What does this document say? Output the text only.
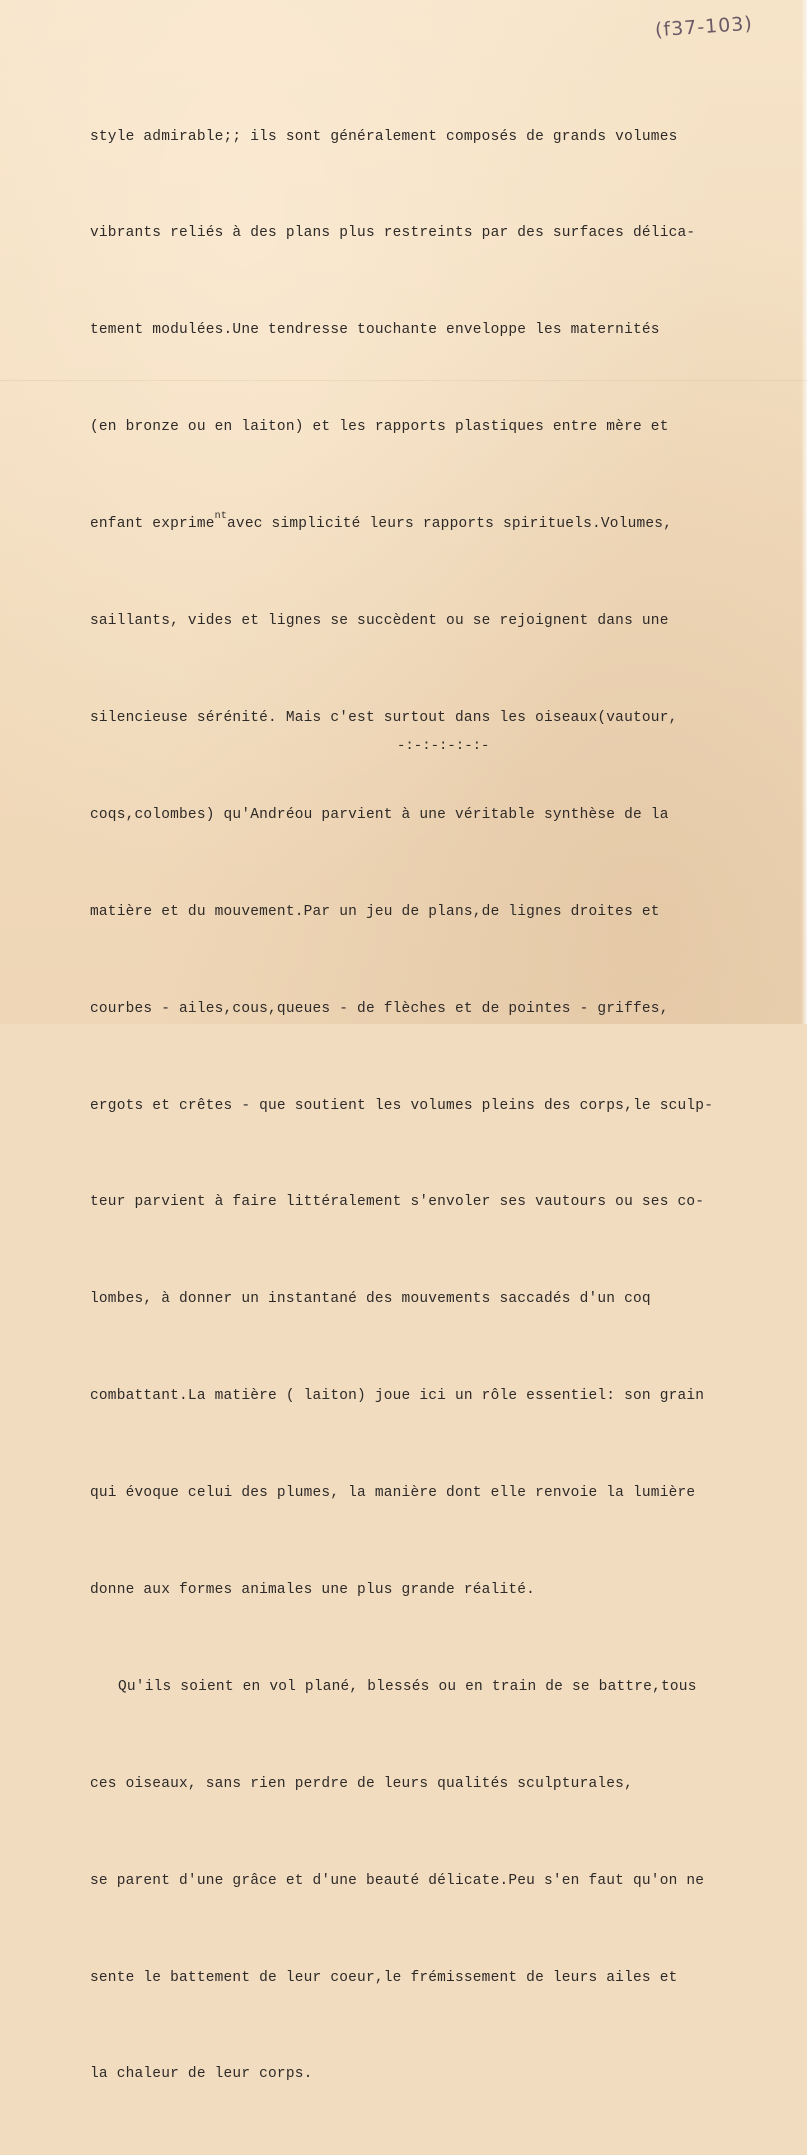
(f37-103)

style admirable;; ils sont généralement composés de grands volumes

vibrants reliés à des plans plus restreints par des surfaces délica-

tement modulées.Une tendresse touchante enveloppe les maternités

(en bronze ou en laiton) et les rapports plastiques entre mère et

enfant exprime$^{nt}$avec simplicité leurs rapports spirituels.Volumes,

saillants, vides et lignes se succèdent ou se rejoignent dans une

silencieuse sérénité. Mais c'est surtout dans les oiseaux(vautour,

coqs,colombes) qu'Andréou parvient à une véritable synthèse de la

matière et du mouvement.Par un jeu de plans,de lignes droites et

courbes - ailes,cous,queues - de flèches et de pointes - griffes,

ergots et crêtes - que soutient les volumes pleins des corps,le sculp-

teur parvient à faire littéralement s'envoler ses vautours ou ses co-

lombes, à donner un instantané des mouvements saccadés d'un coq

combattant.La matière ( laiton) joue ici un rôle essentiel: son grain

qui évoque celui des plumes, la manière dont elle renvoie la lumière

donne aux formes animales une plus grande réalité.

Qu'ils soient en vol plané, blessés ou en train de se battre,tous

ces oiseaux, sans rien perdre de leurs qualités sculpturales,

se parent d'une grâce et d'une beauté délicate.Peu s'en faut qu'on ne

sente le battement de leur coeur,le frémissement de leurs ailes et

la chaleur de leur corps.

-:-:-:-:-:-
